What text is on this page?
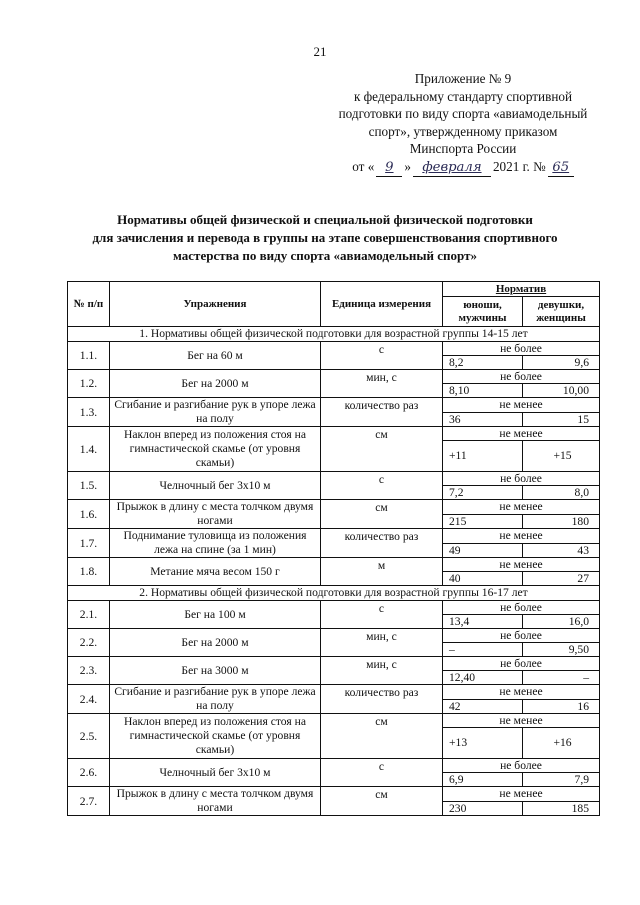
21
Приложение № 9
к федеральному стандарту спортивной
подготовки по виду спорта «авиамодельный
спорт», утвержденному приказом
Минспорта России
от « 9 » февраля 2021 г. № 65
Нормативы общей физической и специальной физической подготовки
для зачисления и перевода в группы на этапе совершенствования спортивного
мастерства по виду спорта «авиамодельный спорт»
№ п/п	Упражнения	Единица измерения	Норматив	
			юноши, мужчины	девушки, женщины
1. Нормативы общей физической подготовки для возрастной группы 14-15 лет				
1.1.	Бег на 60 м	с	не более	
			8,2	9,6
1.2.	Бег на 2000 м	мин, с	не более	
			8,10	10,00
1.3.	Сгибание и разгибание рук в упоре лежа на полу	количество раз	не менее	
			36	15
1.4.	Наклон вперед из положения стоя на гимнастической скамье (от уровня скамьи)	см	не менее	
			+11	+15
1.5.	Челночный бег 3х10 м	с	не более	
			7,2	8,0
1.6.	Прыжок в длину с места толчком двумя ногами	см	не менее	
			215	180
1.7.	Поднимание туловища из положения лежа на спине (за 1 мин)	количество раз	не менее	
			49	43
1.8.	Метание мяча весом 150 г	м	не менее	
			40	27
2. Нормативы общей физической подготовки для возрастной группы 16-17 лет				
2.1.	Бег на 100 м	с	не более	
			13,4	16,0
2.2.	Бег на 2000 м	мин, с	не более	
			–	9,50
2.3.	Бег на 3000 м	мин, с	не более	
			12,40	–
2.4.	Сгибание и разгибание рук в упоре лежа на полу	количество раз	не менее	
			42	16
2.5.	Наклон вперед из положения стоя на гимнастической скамье (от уровня скамьи)	см	не менее	
			+13	+16
2.6.	Челночный бег 3х10 м	с	не более	
			6,9	7,9
2.7.	Прыжок в длину с места толчком двумя ногами	см	не менее	
			230	185
